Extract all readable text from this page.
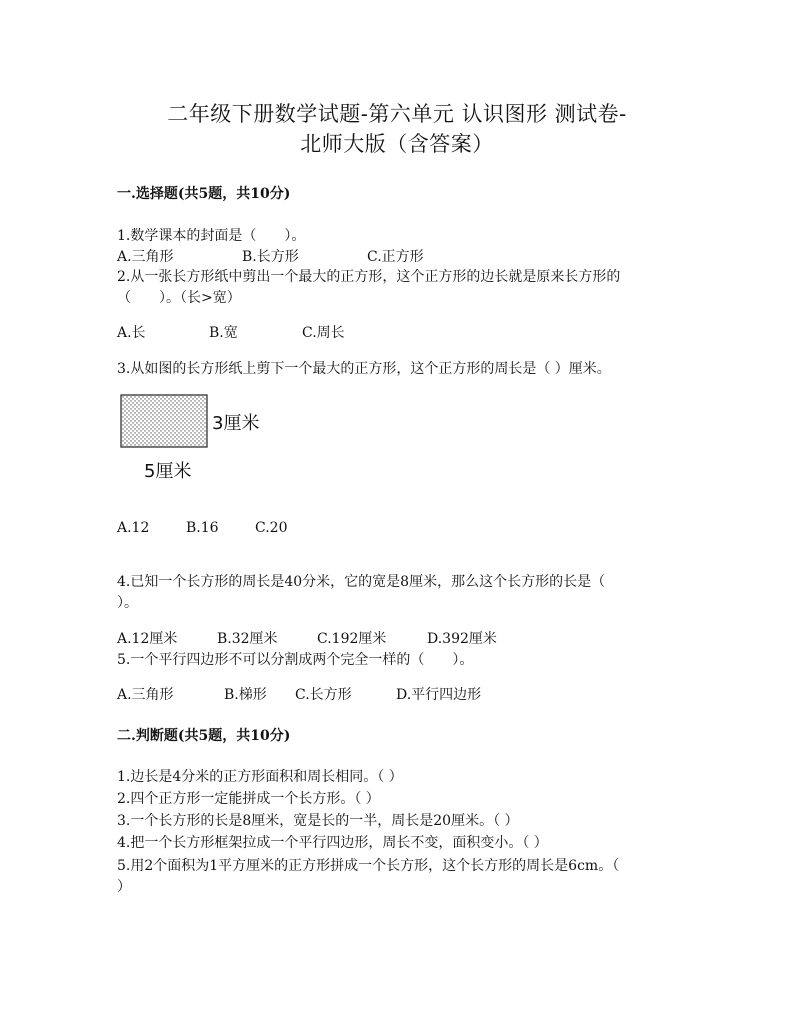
二年级下册数学试题-第六单元 认识图形 测试卷-
北师大版（含答案）
一.选择题(共5题，共10分)
1.数学课本的封面是（　　）。
A.三角形	B.长方形	C.正方形
2.从一张长方形纸中剪出一个最大的正方形，这个正方形的边长就是原来长方形的
（　　）。（长>宽）
A.长	B.宽	C.周长
3.从如图的长方形纸上剪下一个最大的正方形，这个正方形的周长是（ ）厘米。
3厘米
5厘米
A.12	B.16	C.20
4.已知一个长方形的周长是40分米，它的宽是8厘米，那么这个长方形的长是（
）。
A.12厘米	B.32厘米	C.192厘米	D.392厘米
5.一个平行四边形不可以分割成两个完全一样的（　　）。
A.三角形	B.梯形 C.长方形	D.平行四边形
二.判断题(共5题，共10分)
1.边长是4分米的正方形面积和周长相同。（ ）
2.四个正方形一定能拼成一个长方形。（ ）
3.一个长方形的长是8厘米，宽是长的一半，周长是20厘米。（ ）
4.把一个长方形框架拉成一个平行四边形，周长不变，面积变小。（ ）
5.用2个面积为1平方厘米的正方形拼成一个长方形，这个长方形的周长是6cm。（
）
